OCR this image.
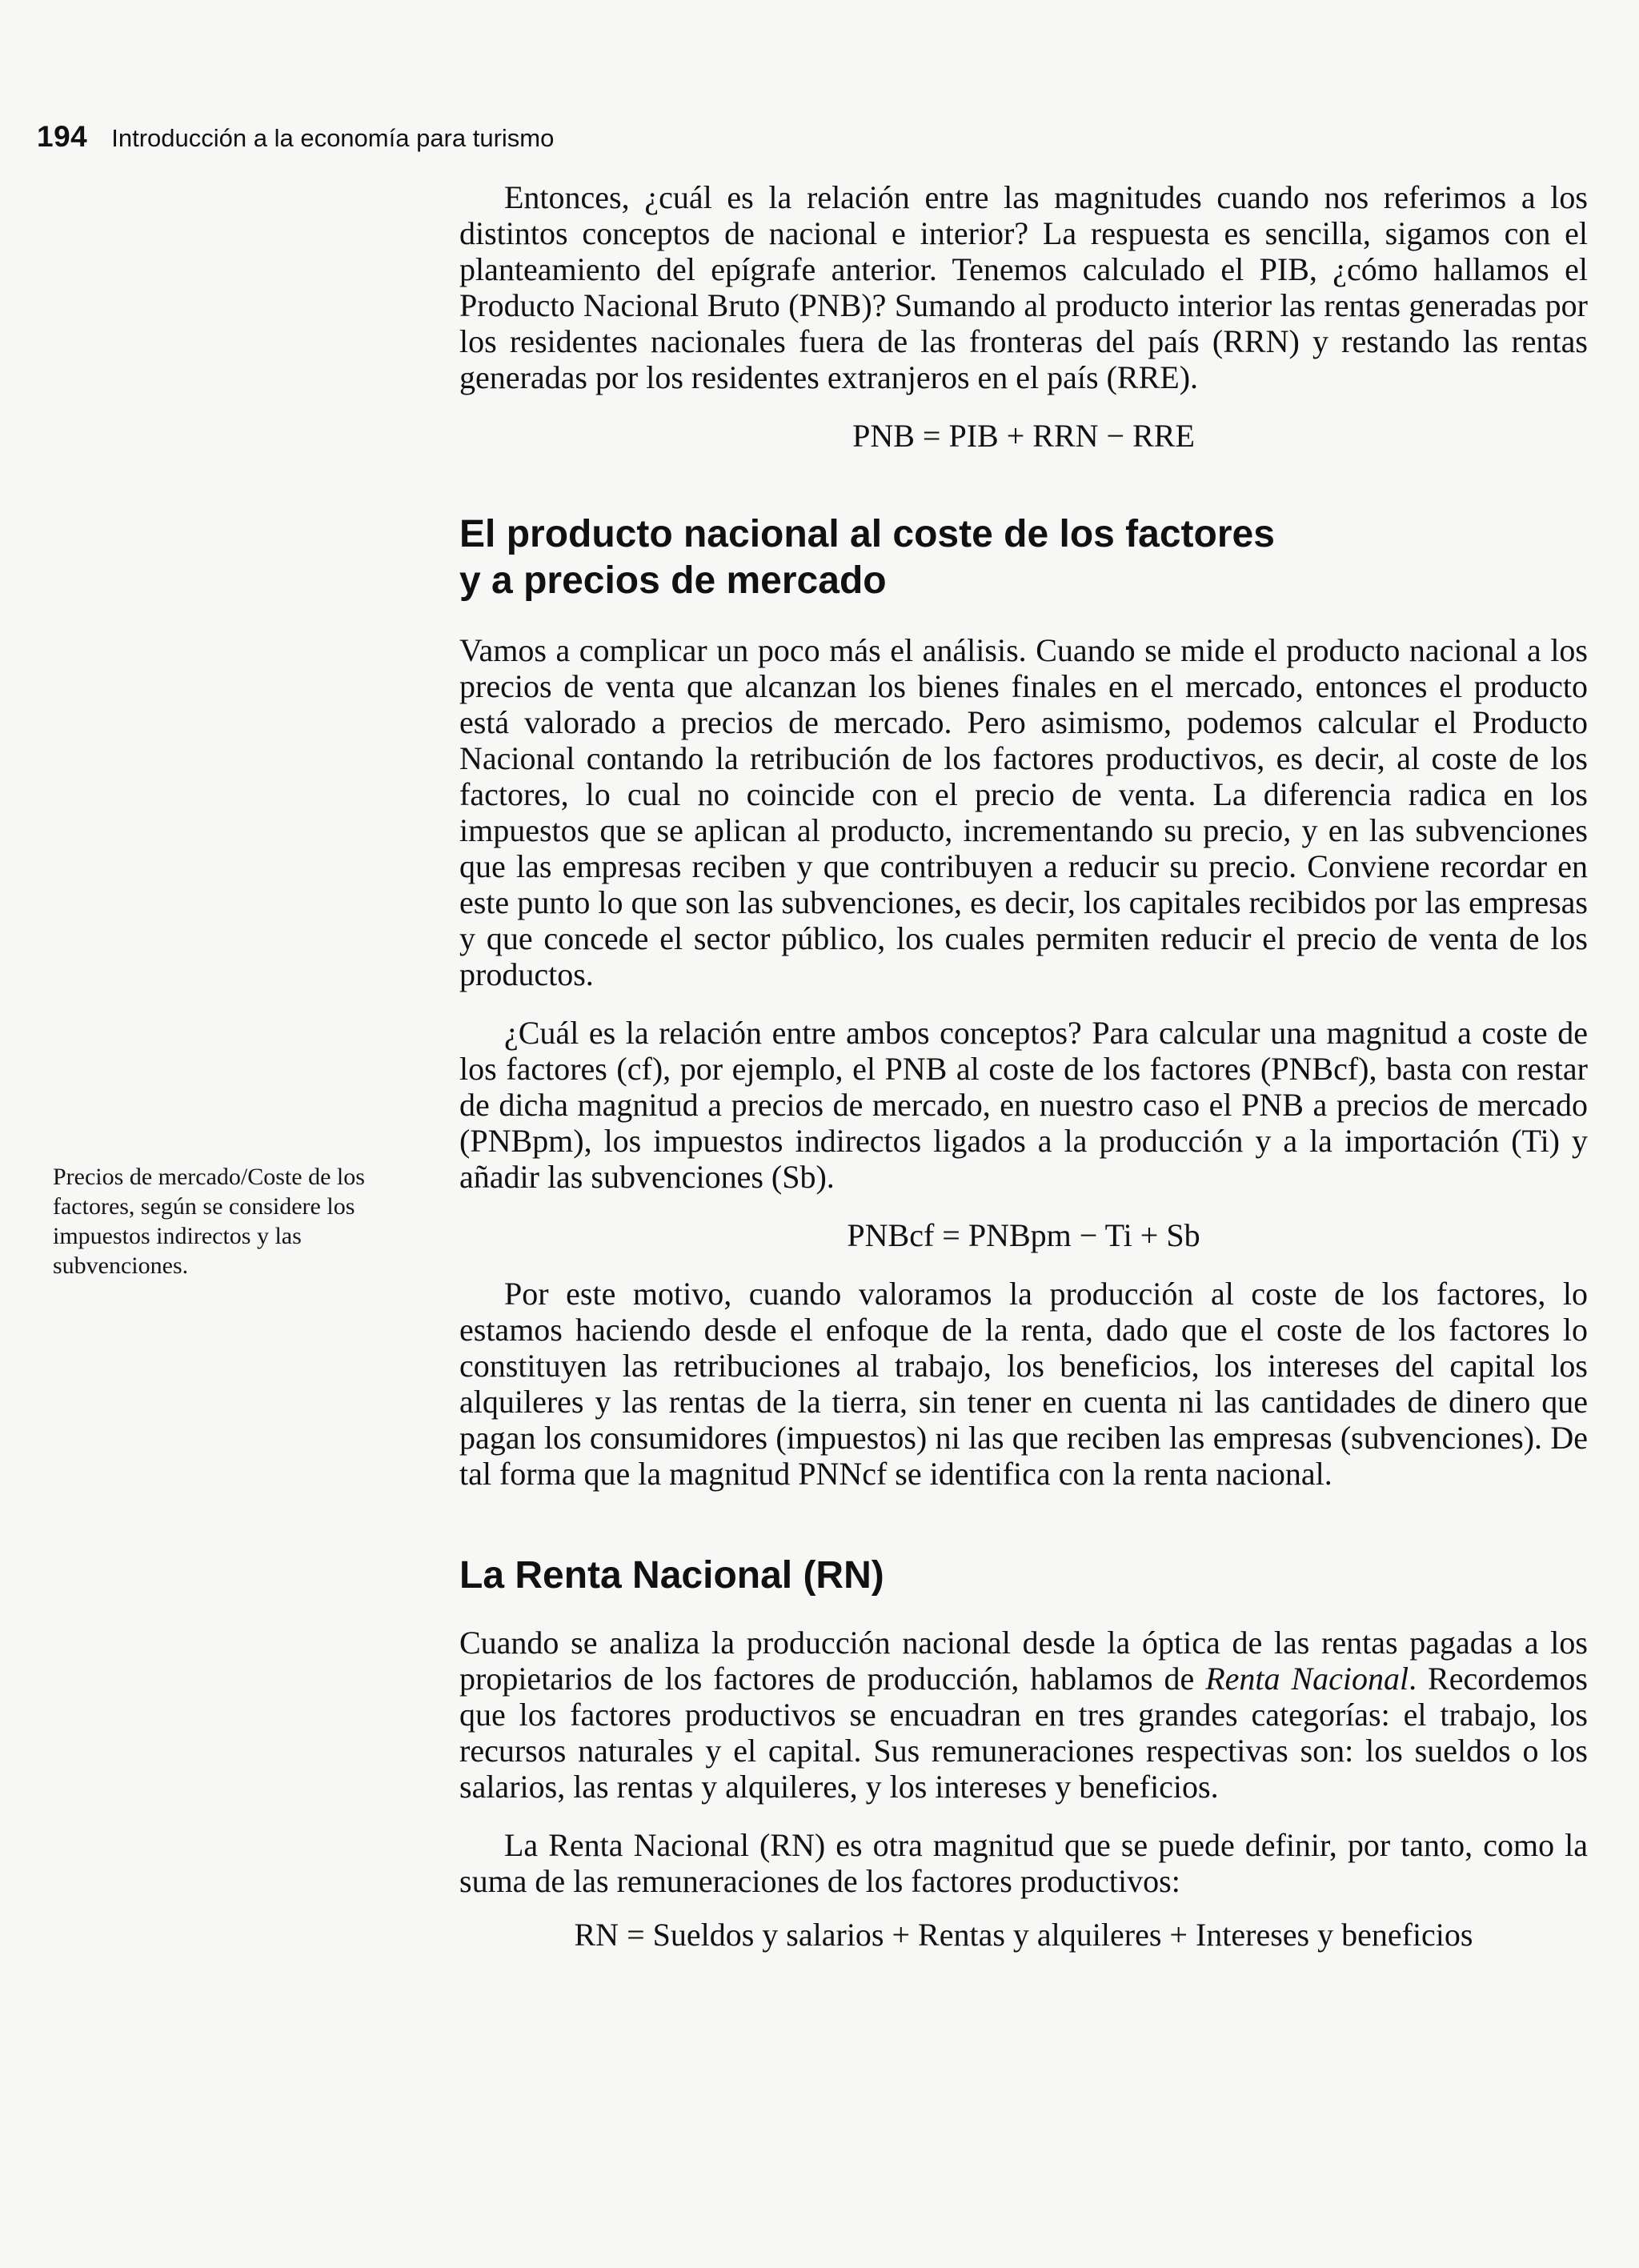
194 Introducción a la economía para turismo
Precios de mercado/Coste de los factores, según se considere los impuestos indirectos y las subvenciones.

Entonces, ¿cuál es la relación entre las magnitudes cuando nos referimos a los distintos conceptos de nacional e interior? La respuesta es sencilla, sigamos con el planteamiento del epígrafe anterior. Tenemos calculado el PIB, ¿cómo hallamos el Producto Nacional Bruto (PNB)? Sumando al producto interior las rentas generadas por los residentes nacionales fuera de las fronteras del país (RRN) y restando las rentas generadas por los residentes extranjeros en el país (RRE).

PNB = PIB + RRN − RRE

El producto nacional al coste de los factores
y a precios de mercado

Vamos a complicar un poco más el análisis. Cuando se mide el producto nacional a los precios de venta que alcanzan los bienes finales en el mercado, entonces el producto está valorado a precios de mercado. Pero asimismo, podemos calcular el Producto Nacional contando la retribución de los factores productivos, es decir, al coste de los factores, lo cual no coincide con el precio de venta. La diferencia radica en los impuestos que se aplican al producto, incrementando su precio, y en las subvenciones que las empresas reciben y que contribuyen a reducir su precio. Conviene recordar en este punto lo que son las subvenciones, es decir, los capitales recibidos por las empresas y que concede el sector público, los cuales permiten reducir el precio de venta de los productos.

¿Cuál es la relación entre ambos conceptos? Para calcular una magnitud a coste de los factores (cf), por ejemplo, el PNB al coste de los factores (PNBcf), basta con restar de dicha magnitud a precios de mercado, en nuestro caso el PNB a precios de mercado (PNBpm), los impuestos indirectos ligados a la producción y a la importación (Ti) y añadir las subvenciones (Sb).

PNBcf = PNBpm − Ti + Sb

Por este motivo, cuando valoramos la producción al coste de los factores, lo estamos haciendo desde el enfoque de la renta, dado que el coste de los factores lo constituyen las retribuciones al trabajo, los beneficios, los intereses del capital los alquileres y las rentas de la tierra, sin tener en cuenta ni las cantidades de dinero que pagan los consumidores (impuestos) ni las que reciben las empresas (subvenciones). De tal forma que la magnitud PNNcf se identifica con la renta nacional.

La Renta Nacional (RN)

Cuando se analiza la producción nacional desde la óptica de las rentas pagadas a los propietarios de los factores de producción, hablamos de Renta Nacional. Recordemos que los factores productivos se encuadran en tres grandes categorías: el trabajo, los recursos naturales y el capital. Sus remuneraciones respectivas son: los sueldos o los salarios, las rentas y alquileres, y los intereses y beneficios.

La Renta Nacional (RN) es otra magnitud que se puede definir, por tanto, como la suma de las remuneraciones de los factores productivos:

RN = Sueldos y salarios + Rentas y alquileres + Intereses y beneficios
